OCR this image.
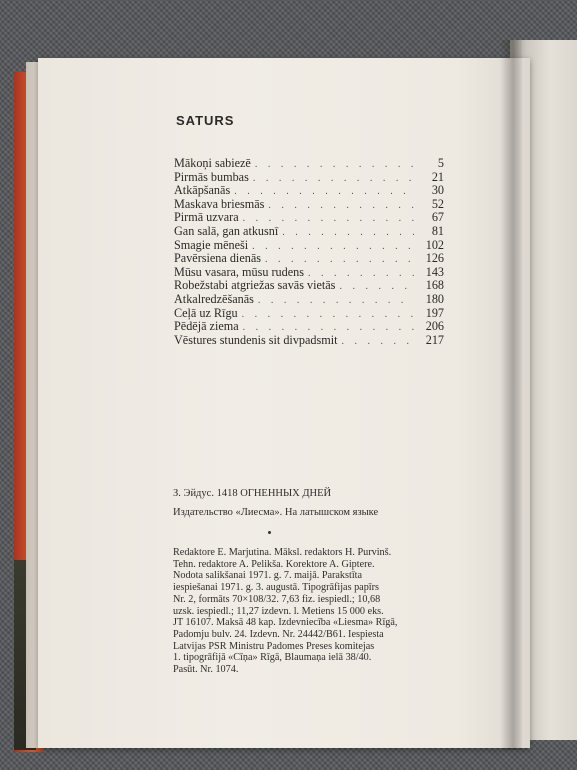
SATURS
Mākoņi sabiezē . . .	5
Pirmās bumbas . . .	21
Atkāpšanās . . .	30
Maskava briesmās . . .	52
Pirmā uzvara . . .	67
Gan salā, gan atkusnī . . .	81
Smagie mēneši . . .	102
Pavērsiena dienās . . .	126
Mūsu vasara, mūsu rudens . . .	143
Robežstabi atgriežas savās vietās . . .	168
Atkalredzēšanās . . .	180
Ceļā uz Rīgu . . .	197
Pēdējā ziema . . .	206
Vēstures stundenis sit divpadsmit . . .	217
З. Эйдус. 1418 ОГНЕННЫХ ДНЕЙ
Издательство «Лиесма». На латышском языке
Redaktore E. Marjutina. Māksl. redaktors H. Purvinš.
Tehn. redaktore A. Pelikša. Korektore A. Giptere.
Nodota salikšanai 1971. g. 7. maijā. Parakstīta
iespiešanai 1971. g. 3. augustā. Tipogrāfijas papīrs
Nr. 2, formāts 70×108/32. 7,63 fiz. iespiedl.; 10,68
uzsk. iespiedl.; 11,27 izdevn. l. Metiens 15 000 eks.
JT 16107. Maksā 48 kap. Izdevniecība «Liesma» Rīgā,
Padomju bulv. 24. Izdevn. Nr. 24442/B61. Iespiesta
Latvijas PSR Ministru Padomes Preses komitejas
1. tipogrāfijā «Cīņa» Rīgā, Blaumaņa ielā 38/40.
Pasūt. Nr. 1074.
